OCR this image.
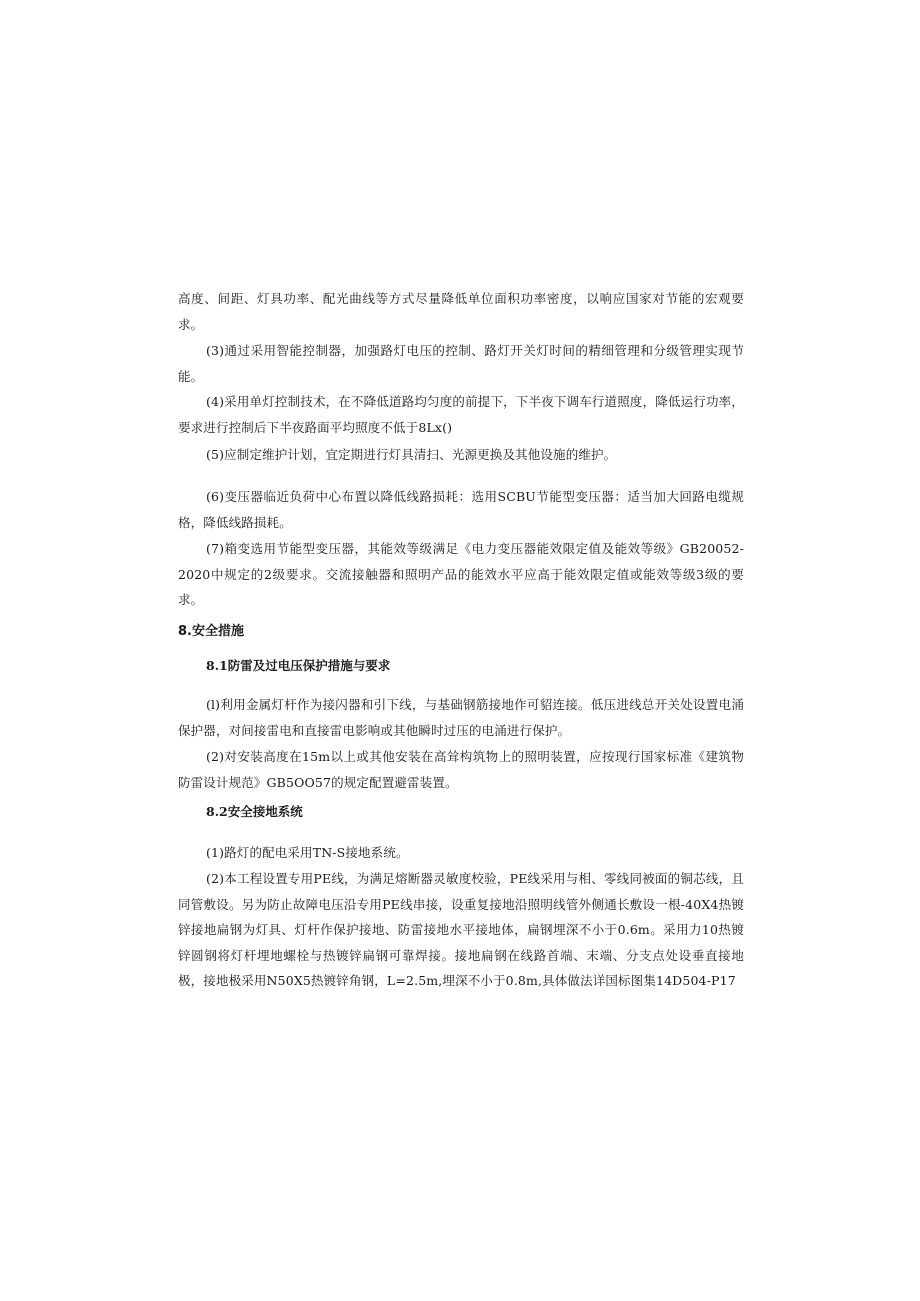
高度、间距、灯具功率、配光曲线等方式尽量降低单位面积功率密度，以响应国家对节能的宏观要求。

(3)通过采用智能控制器，加强路灯电压的控制、路灯开关灯时间的精细管理和分级管理实现节能。

(4)采用单灯控制技术，在不降低道路均匀度的前提下，下半夜下调车行道照度，降低运行功率，要求进行控制后下半夜路面平均照度不低于8Lx()

(5)应制定维护计划，宜定期进行灯具清扫、光源更换及其他设施的维护。

(6)变压器临近负荷中心布置以降低线路损耗：选用SCBU节能型变压器：适当加大回路电缆规格，降低线路损耗。

(7)箱变选用节能型变压器，其能效等级满足《电力变压器能效限定值及能效等级》GB20052-2020中规定的2级要求。交流接触器和照明产品的能效水平应高于能效限定值或能效等级3级的要求。

8.安全措施
8.1防雷及过电压保护措施与要求

(l)利用金属灯杆作为接闪器和引下线，与基础钢筋接地作可貂连接。低压进线总开关处设置电涌保护器，对间接雷电和直接雷电影响或其他瞬时过压的电涌进行保护。

(2)对安装高度在15m以上或其他安装在高耸构筑物上的照明装置，应按现行国家标准《建筑物防雷设计规范》GB5OO57的规定配置避雷装置。

8.2安全接地系统

(1)路灯的配电采用TN-S接地系统。

(2)本工程设置专用PE线，为满足熔断器灵敏度校验，PE线采用与相、零线同被面的铜芯线，且同管敷设。另为防止故障电压沿专用PE线串接，设重复接地沿照明线管外侧通长敷设一根-40X4热镀锌接地扁钢为灯具、灯杆作保护接地、防雷接地水平接地体，扁钢埋深不小于0.6m。采用力10热镀锌圆钢将灯杆埋地螺栓与热镀锌扁钢可靠焊接。接地扁钢在线路首端、末端、分支点处设垂直接地极，接地极采用N50X5热镀锌角钢，L=2.5m,埋深不小于0.8m,具体做法详国标图集14D504-P17
